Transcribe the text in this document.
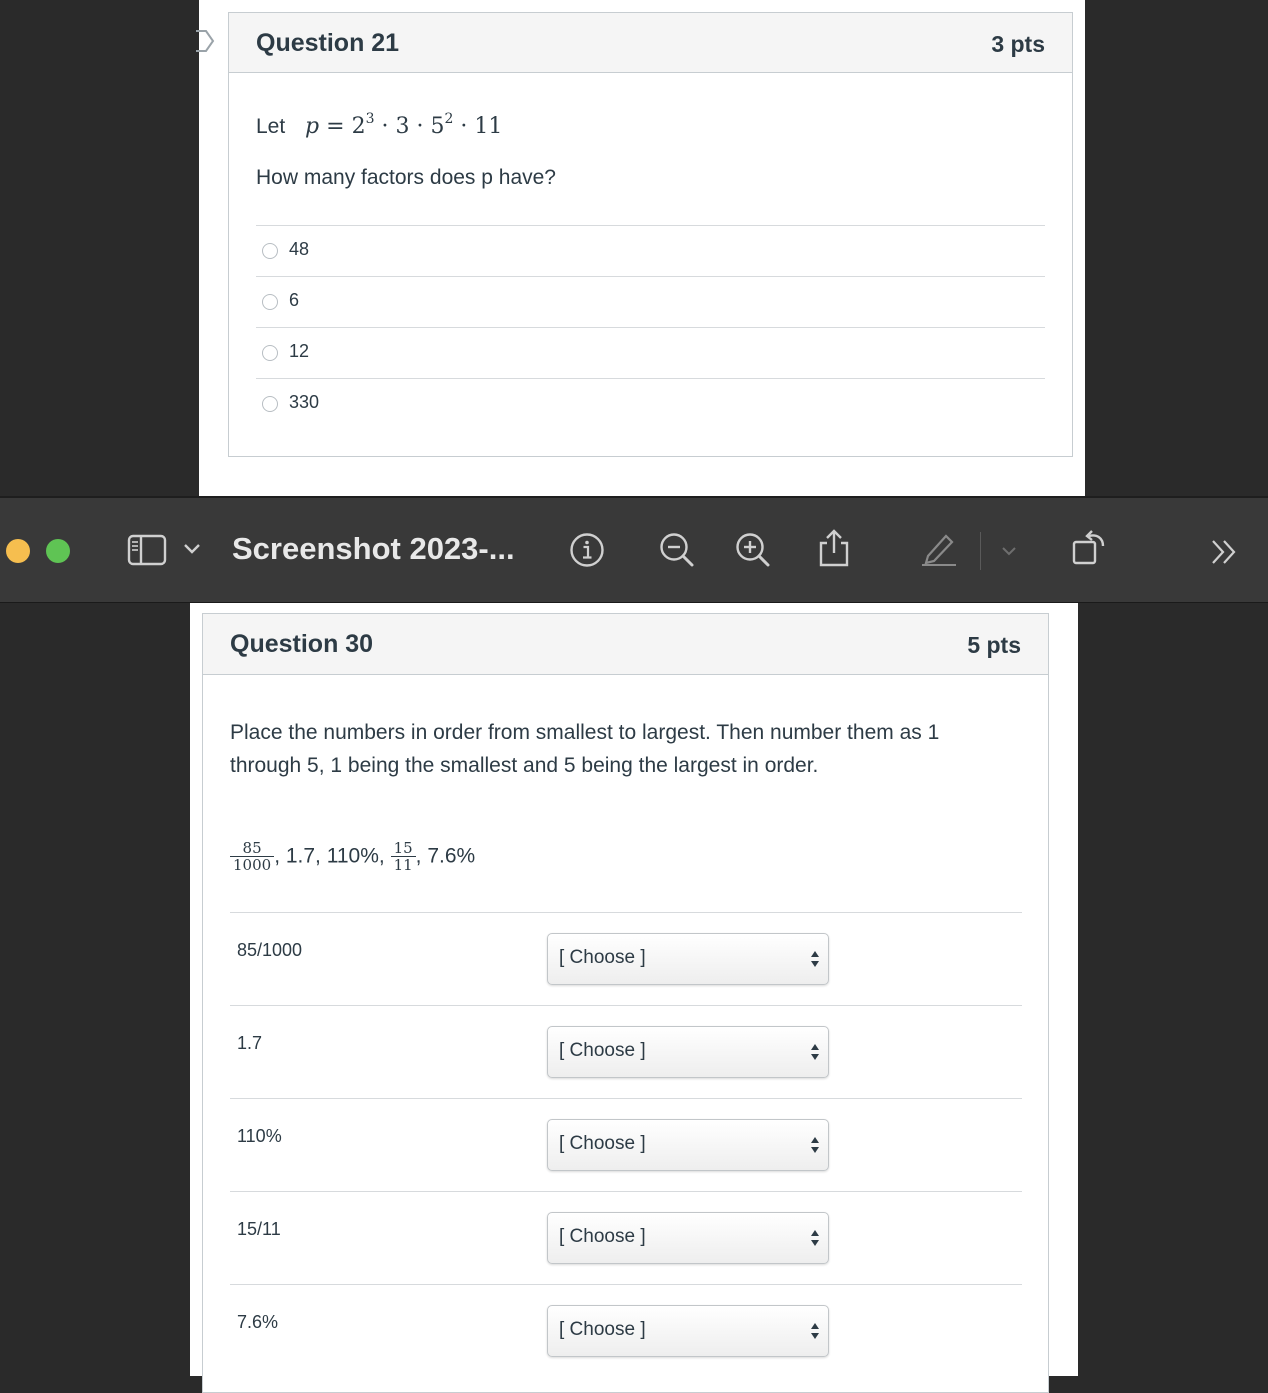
Question 21	3 pts
Let $p = 2^3 \cdot 3 \cdot 5^2 \cdot 11$
How many factors does p have?
48
6
12
330
Screenshot 2023-...
Question 30	5 pts
Place the numbers in order from smallest to largest. Then number them as 1 through 5, 1 being the smallest and 5 being the largest in order.
$\frac{85}{1000}$ , 1.7, 110%, $\frac{15}{11}$ , 7.6%
85/1000	[ Choose ]
1.7	[ Choose ]
110%	[ Choose ]
15/11	[ Choose ]
7.6%	[ Choose ]
